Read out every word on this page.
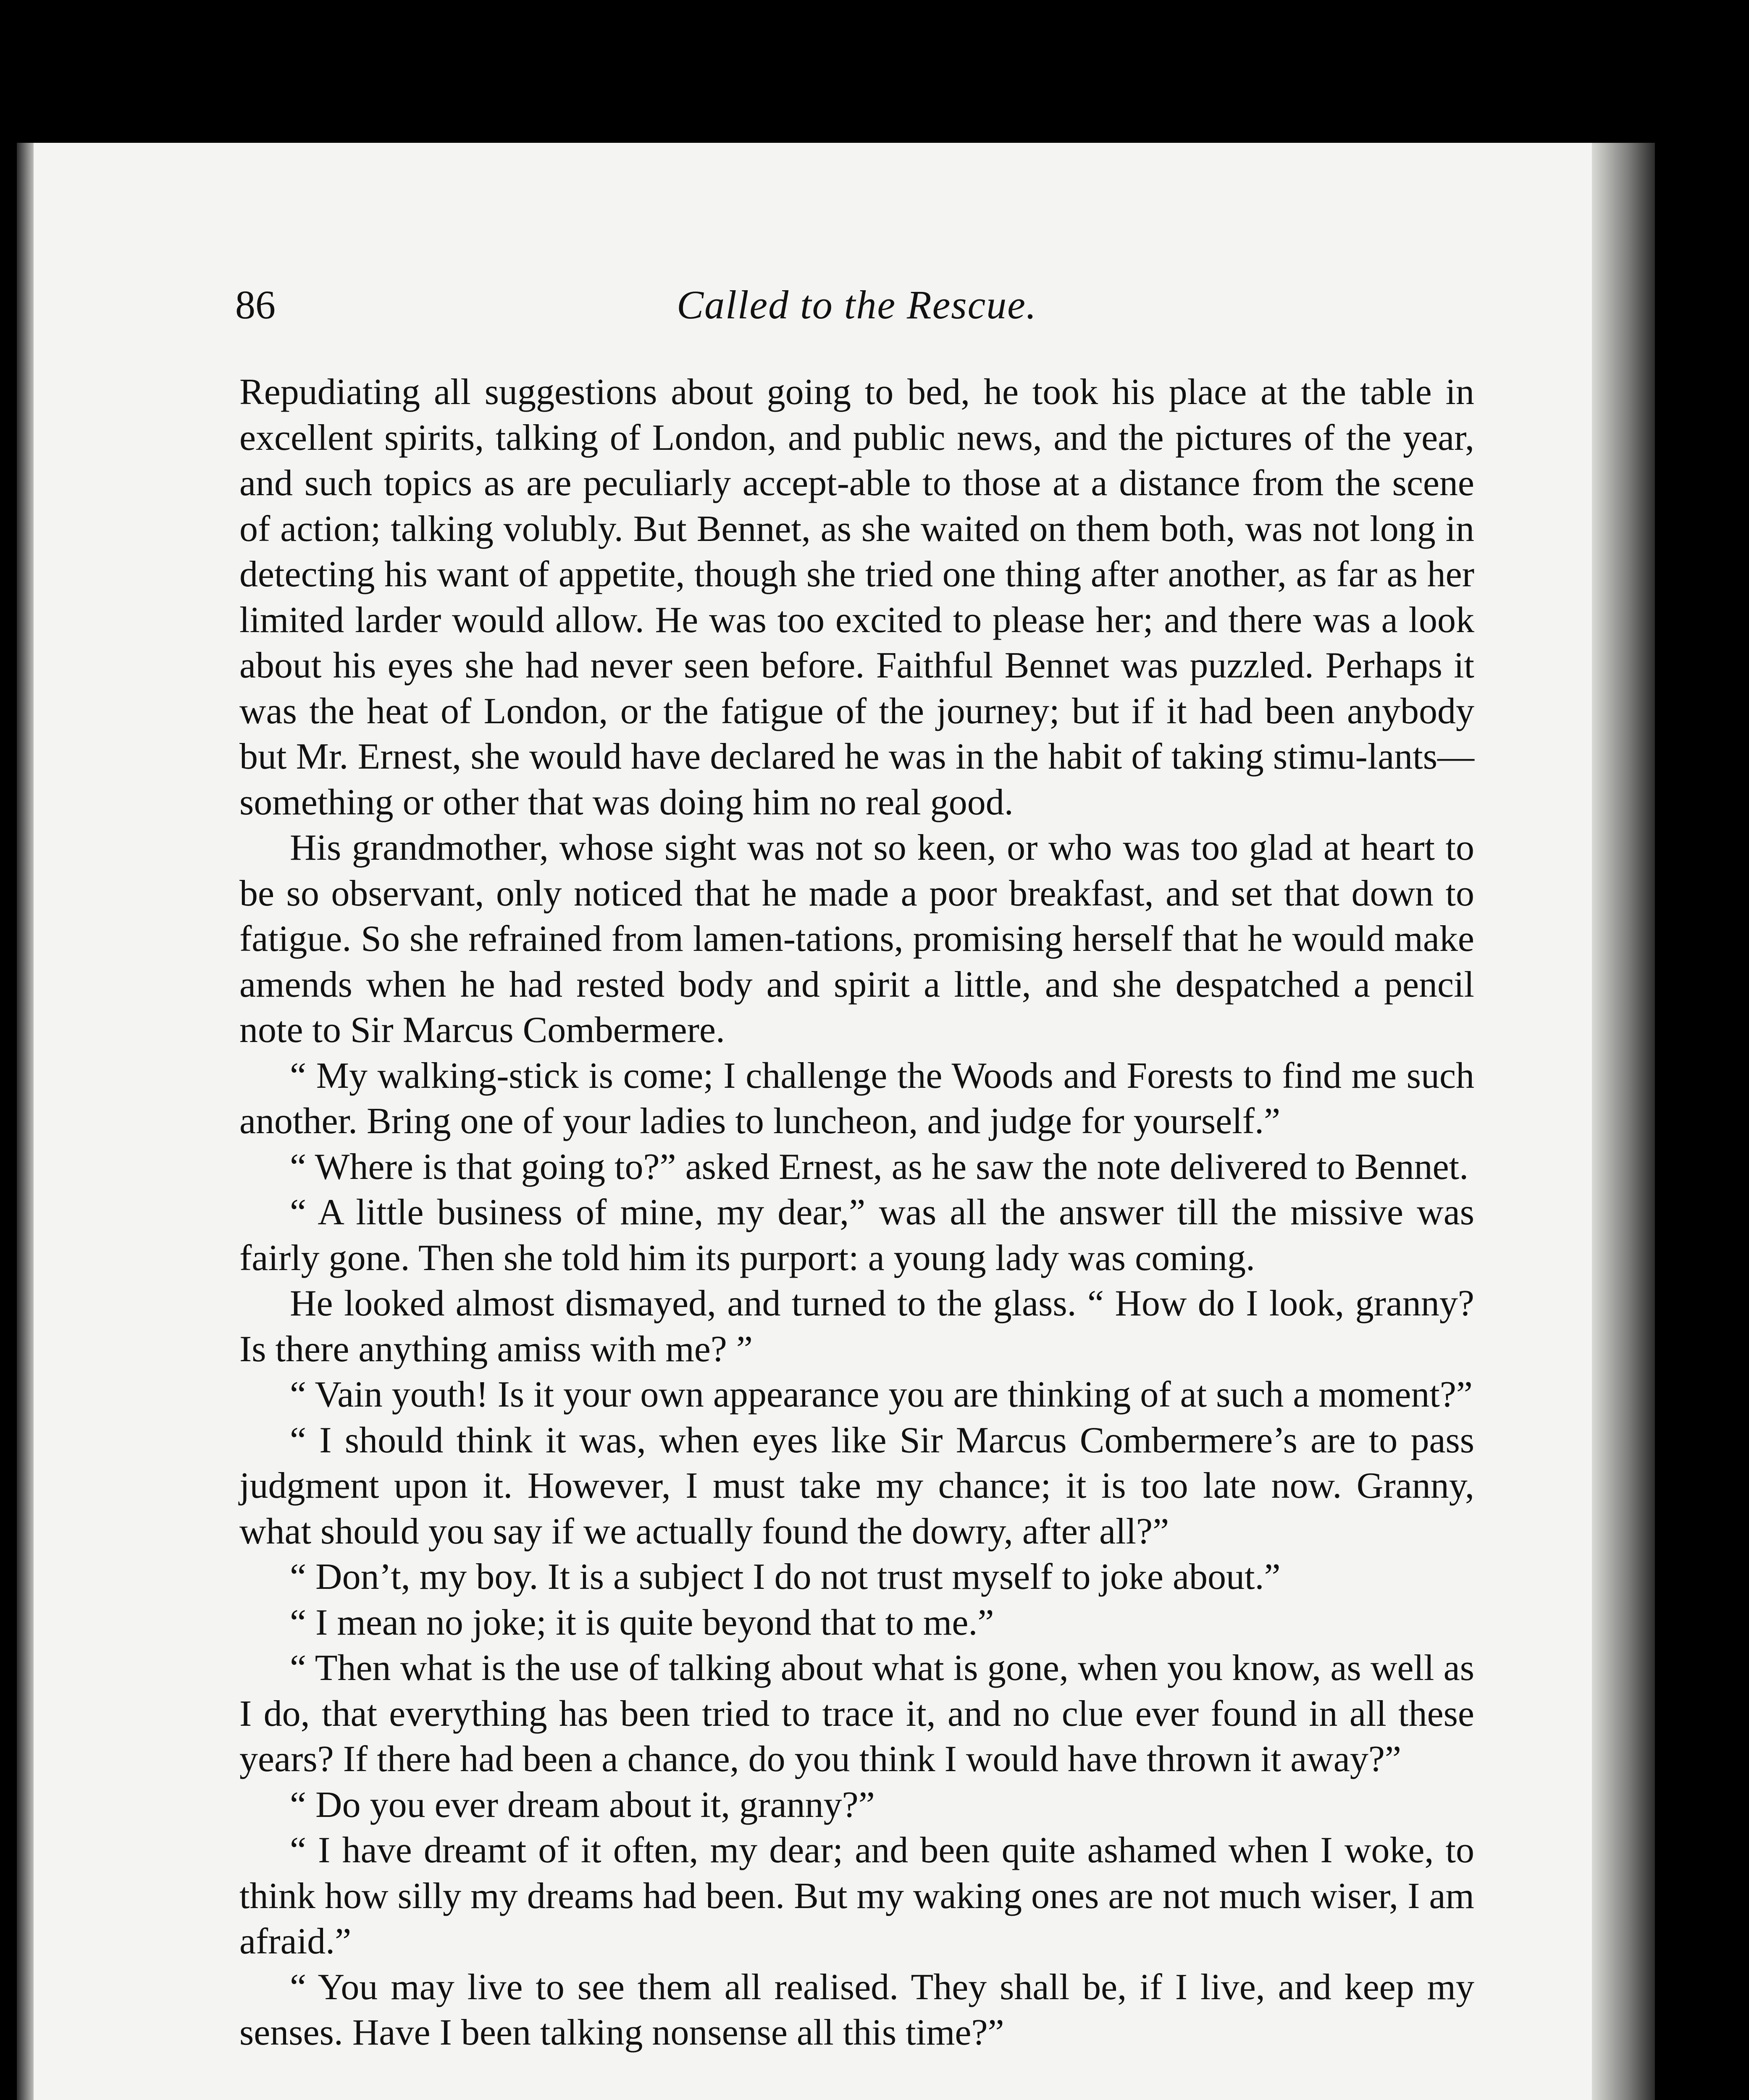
86	Called to the Rescue.

Repudiating all suggestions about going to bed, he took his place at the table in excellent spirits, talking of London, and public news, and the pictures of the year, and such topics as are peculiarly accept-able to those at a distance from the scene of action; talking volubly. But Bennet, as she waited on them both, was not long in detecting his want of appetite, though she tried one thing after another, as far as her limited larder would allow. He was too excited to please her; and there was a look about his eyes she had never seen before. Faithful Bennet was puzzled. Perhaps it was the heat of London, or the fatigue of the journey; but if it had been anybody but Mr. Ernest, she would have declared he was in the habit of taking stimu-lants—something or other that was doing him no real good.

His grandmother, whose sight was not so keen, or who was too glad at heart to be so observant, only noticed that he made a poor breakfast, and set that down to fatigue. So she refrained from lamen-tations, promising herself that he would make amends when he had rested body and spirit a little, and she despatched a pencil note to Sir Marcus Combermere.

“ My walking-stick is come; I challenge the Woods and Forests to find me such another. Bring one of your ladies to luncheon, and judge for yourself.”

“ Where is that going to?” asked Ernest, as he saw the note delivered to Bennet.

“ A little business of mine, my dear,” was all the answer till the missive was fairly gone. Then she told him its purport: a young lady was coming.

He looked almost dismayed, and turned to the glass. “ How do I look, granny? Is there anything amiss with me? ”

“ Vain youth! Is it your own appearance you are thinking of at such a moment?”

“ I should think it was, when eyes like Sir Marcus Combermere’s are to pass judgment upon it. However, I must take my chance; it is too late now. Granny, what should you say if we actually found the dowry, after all?”

“ Don’t, my boy. It is a subject I do not trust myself to joke about.”

“ I mean no joke; it is quite beyond that to me.”

“ Then what is the use of talking about what is gone, when you know, as well as I do, that everything has been tried to trace it, and no clue ever found in all these years? If there had been a chance, do you think I would have thrown it away?”

“ Do you ever dream about it, granny?”

“ I have dreamt of it often, my dear; and been quite ashamed when I woke, to think how silly my dreams had been. But my waking ones are not much wiser, I am afraid.”

“ You may live to see them all realised. They shall be, if I live, and keep my senses. Have I been talking nonsense all this time?”
